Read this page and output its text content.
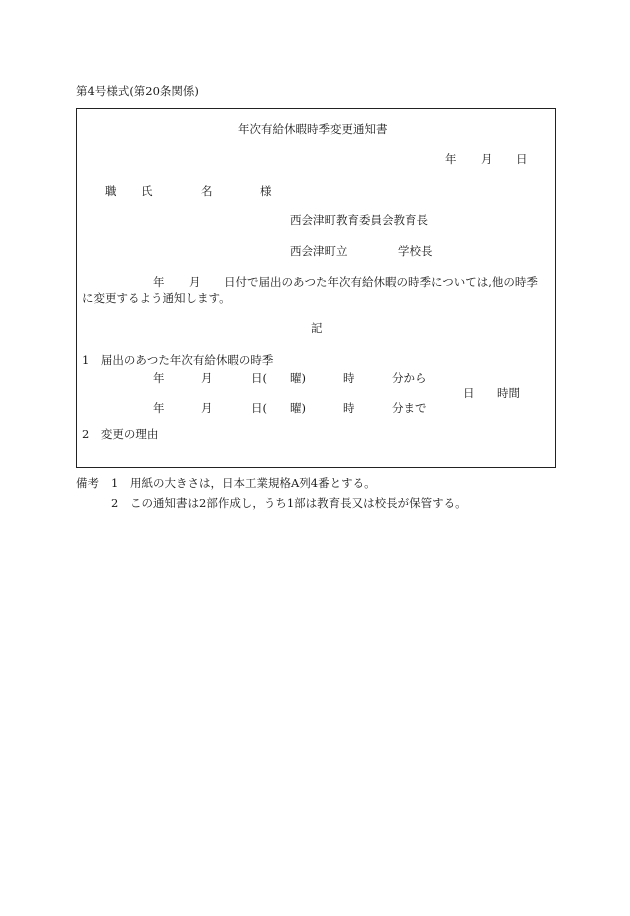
第4号様式(第20条関係)
年次有給休暇時季変更通知書
年 月 日
職 氏	名	様
西会津町教育委員会教育長
西会津町立	学校長
年 月 日付で届出のあつた年次有給休暇の時季については,他の時季
に変更するよう通知します。
記
1　届出のあつた年次有給休暇の時季
年	月	日( 曜)	時	分から
日 時間
年	月	日( 曜)	時	分まで
2　変更の理由
備考 1 用紙の大きさは，日本工業規格A列4番とする。
2 この通知書は2部作成し，うち1部は教育長又は校長が保管する。
